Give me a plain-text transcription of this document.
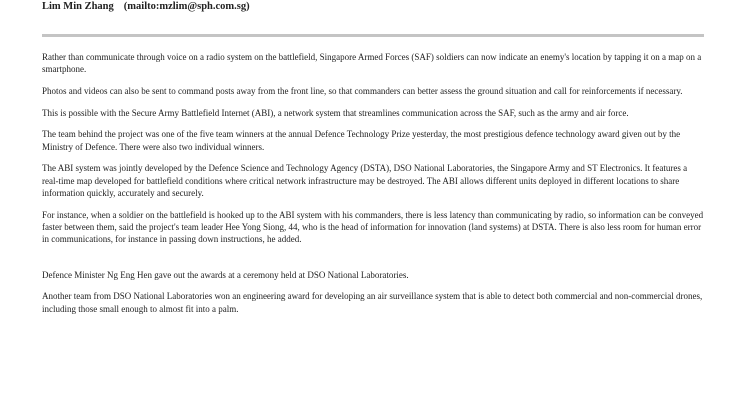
Lim Min Zhang (mailto:mzlim@sph.com.sg)

Rather than communicate through voice on a radio system on the battlefield, Singapore Armed Forces (SAF) soldiers can now indicate an enemy's location by tapping it on a map on a smartphone.

Photos and videos can also be sent to command posts away from the front line, so that commanders can better assess the ground situation and call for reinforcements if necessary.

This is possible with the Secure Army Battlefield Internet (ABI), a network system that streamlines communication across the SAF, such as the army and air force.

The team behind the project was one of the five team winners at the annual Defence Technology Prize yesterday, the most prestigious defence technology award given out by the Ministry of Defence. There were also two individual winners.

The ABI system was jointly developed by the Defence Science and Technology Agency (DSTA), DSO National Laboratories, the Singapore Army and ST Electronics. It features a real-time map developed for battlefield conditions where critical network infrastructure may be destroyed. The ABI allows different units deployed in different locations to share information quickly, accurately and securely.

For instance, when a soldier on the battlefield is hooked up to the ABI system with his commanders, there is less latency than communicating by radio, so information can be conveyed faster between them, said the project's team leader Hee Yong Siong, 44, who is the head of information for innovation (land systems) at DSTA. There is also less room for human error in communications, for instance in passing down instructions, he added.

Defence Minister Ng Eng Hen gave out the awards at a ceremony held at DSO National Laboratories.

Another team from DSO National Laboratories won an engineering award for developing an air surveillance system that is able to detect both commercial and non-commercial drones, including those small enough to almost fit into a palm.
